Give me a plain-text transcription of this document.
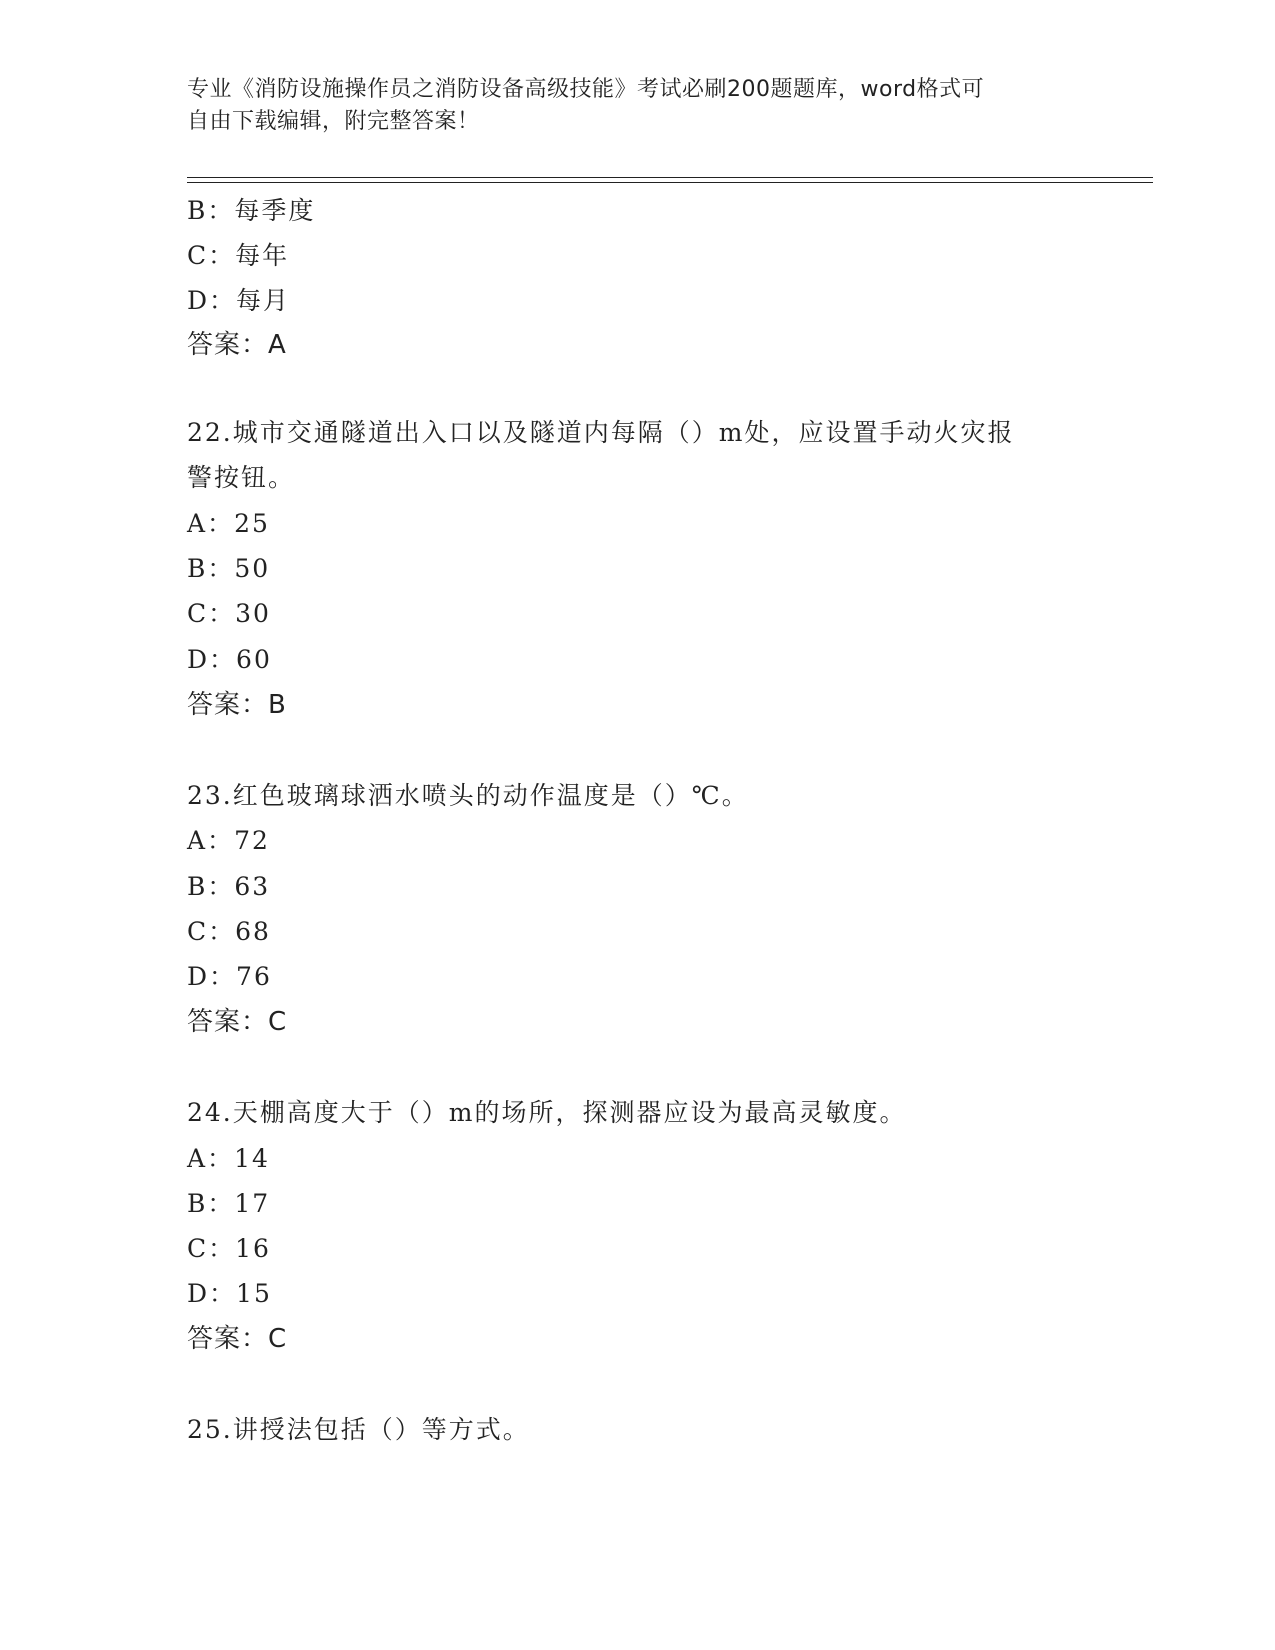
专业《消防设施操作员之消防设备高级技能》考试必刷200题题库，word格式可
自由下载编辑，附完整答案！
B：每季度
C：每年
D：每月
答案：A
22.城市交通隧道出入口以及隧道内每隔（）m处，应设置手动火灾报
警按钮。
A：25
B：50
C：30
D：60
答案：B
23.红色玻璃球洒水喷头的动作温度是（）℃。
A：72
B：63
C：68
D：76
答案：C
24.天棚高度大于（）m的场所，探测器应设为最高灵敏度。
A：14
B：17
C：16
D：15
答案：C
25.讲授法包括（）等方式。
